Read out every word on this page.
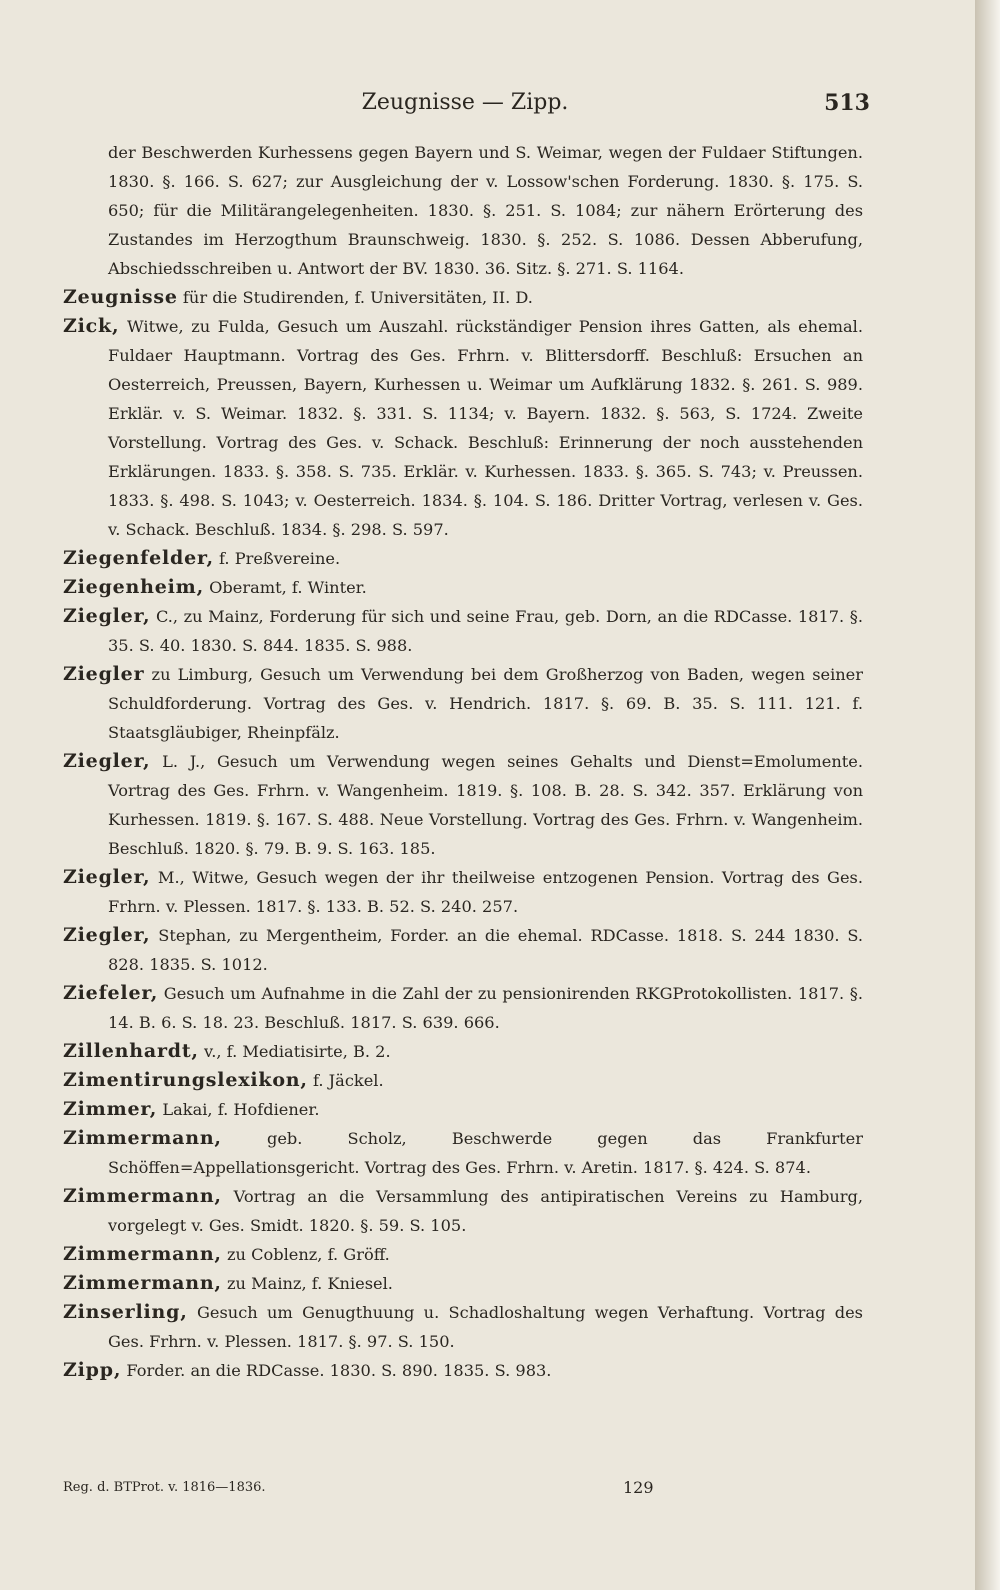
Zeugnisse — Zipp.	513

der Beschwerden Kurhessens gegen Bayern und S. Weimar, wegen der Fuldaer Stiftungen. 1830. §. 166. S. 627; zur Ausgleichung der v. Lossow'schen Forderung. 1830. §. 175. S. 650; für die Militärangelegenheiten. 1830. §. 251. S. 1084; zur nähern Erörterung des Zustandes im Herzogthum Braunschweig. 1830. §. 252. S. 1086. Dessen Abberufung, Abschiedsschreiben u. Antwort der BV. 1830. 36. Sitz. §. 271. S. 1164.

Zeugnisse für die Studirenden, f. Universitäten, II. D.

Zick, Witwe, zu Fulda, Gesuch um Auszahl. rückständiger Pension ihres Gatten, als ehemal. Fuldaer Hauptmann. Vortrag des Ges. Frhrn. v. Blittersdorff. Beschluß: Ersuchen an Oesterreich, Preussen, Bayern, Kurhessen u. Weimar um Aufklärung 1832. §. 261. S. 989. Erklär. v. S. Weimar. 1832. §. 331. S. 1134; v. Bayern. 1832. §. 563, S. 1724. Zweite Vorstellung. Vortrag des Ges. v. Schack. Beschluß: Erinnerung der noch ausstehenden Erklärungen. 1833. §. 358. S. 735. Erklär. v. Kurhessen. 1833. §. 365. S. 743; v. Preussen. 1833. §. 498. S. 1043; v. Oesterreich. 1834. §. 104. S. 186. Dritter Vortrag, verlesen v. Ges. v. Schack. Beschluß. 1834. §. 298. S. 597.

Ziegenfelder, f. Preßvereine.

Ziegenheim, Oberamt, f. Winter.

Ziegler, C., zu Mainz, Forderung für sich und seine Frau, geb. Dorn, an die RDCasse. 1817. §. 35. S. 40. 1830. S. 844. 1835. S. 988.

Ziegler zu Limburg, Gesuch um Verwendung bei dem Großherzog von Baden, wegen seiner Schuldforderung. Vortrag des Ges. v. Hendrich. 1817. §. 69. B. 35. S. 111. 121. f. Staatsgläubiger, Rheinpfälz.

Ziegler, L. J., Gesuch um Verwendung wegen seines Gehalts und Dienst=Emolumente. Vortrag des Ges. Frhrn. v. Wangenheim. 1819. §. 108. B. 28. S. 342. 357. Erklärung von Kurhessen. 1819. §. 167. S. 488. Neue Vorstellung. Vortrag des Ges. Frhrn. v. Wangenheim. Beschluß. 1820. §. 79. B. 9. S. 163. 185.

Ziegler, M., Witwe, Gesuch wegen der ihr theilweise entzogenen Pension. Vortrag des Ges. Frhrn. v. Plessen. 1817. §. 133. B. 52. S. 240. 257.

Ziegler, Stephan, zu Mergentheim, Forder. an die ehemal. RDCasse. 1818. S. 244 1830. S. 828. 1835. S. 1012.

Ziefeler, Gesuch um Aufnahme in die Zahl der zu pensionirenden RKGProtokollisten. 1817. §. 14. B. 6. S. 18. 23. Beschluß. 1817. S. 639. 666.

Zillenhardt, v., f. Mediatisirte, B. 2.

Zimentirungslexikon, f. Jäckel.

Zimmer, Lakai, f. Hofdiener.

Zimmermann, geb. Scholz, Beschwerde gegen das Frankfurter Schöffen=Appellationsgericht. Vortrag des Ges. Frhrn. v. Aretin. 1817. §. 424. S. 874.

Zimmermann, Vortrag an die Versammlung des antipiratischen Vereins zu Hamburg, vorgelegt v. Ges. Smidt. 1820. §. 59. S. 105.

Zimmermann, zu Coblenz, f. Gröff.

Zimmermann, zu Mainz, f. Kniesel.

Zinserling, Gesuch um Genugthuung u. Schadloshaltung wegen Verhaftung. Vortrag des Ges. Frhrn. v. Plessen. 1817. §. 97. S. 150.

Zipp, Forder. an die RDCasse. 1830. S. 890. 1835. S. 983.

Reg. d. BTProt. v. 1816—1836.	129
